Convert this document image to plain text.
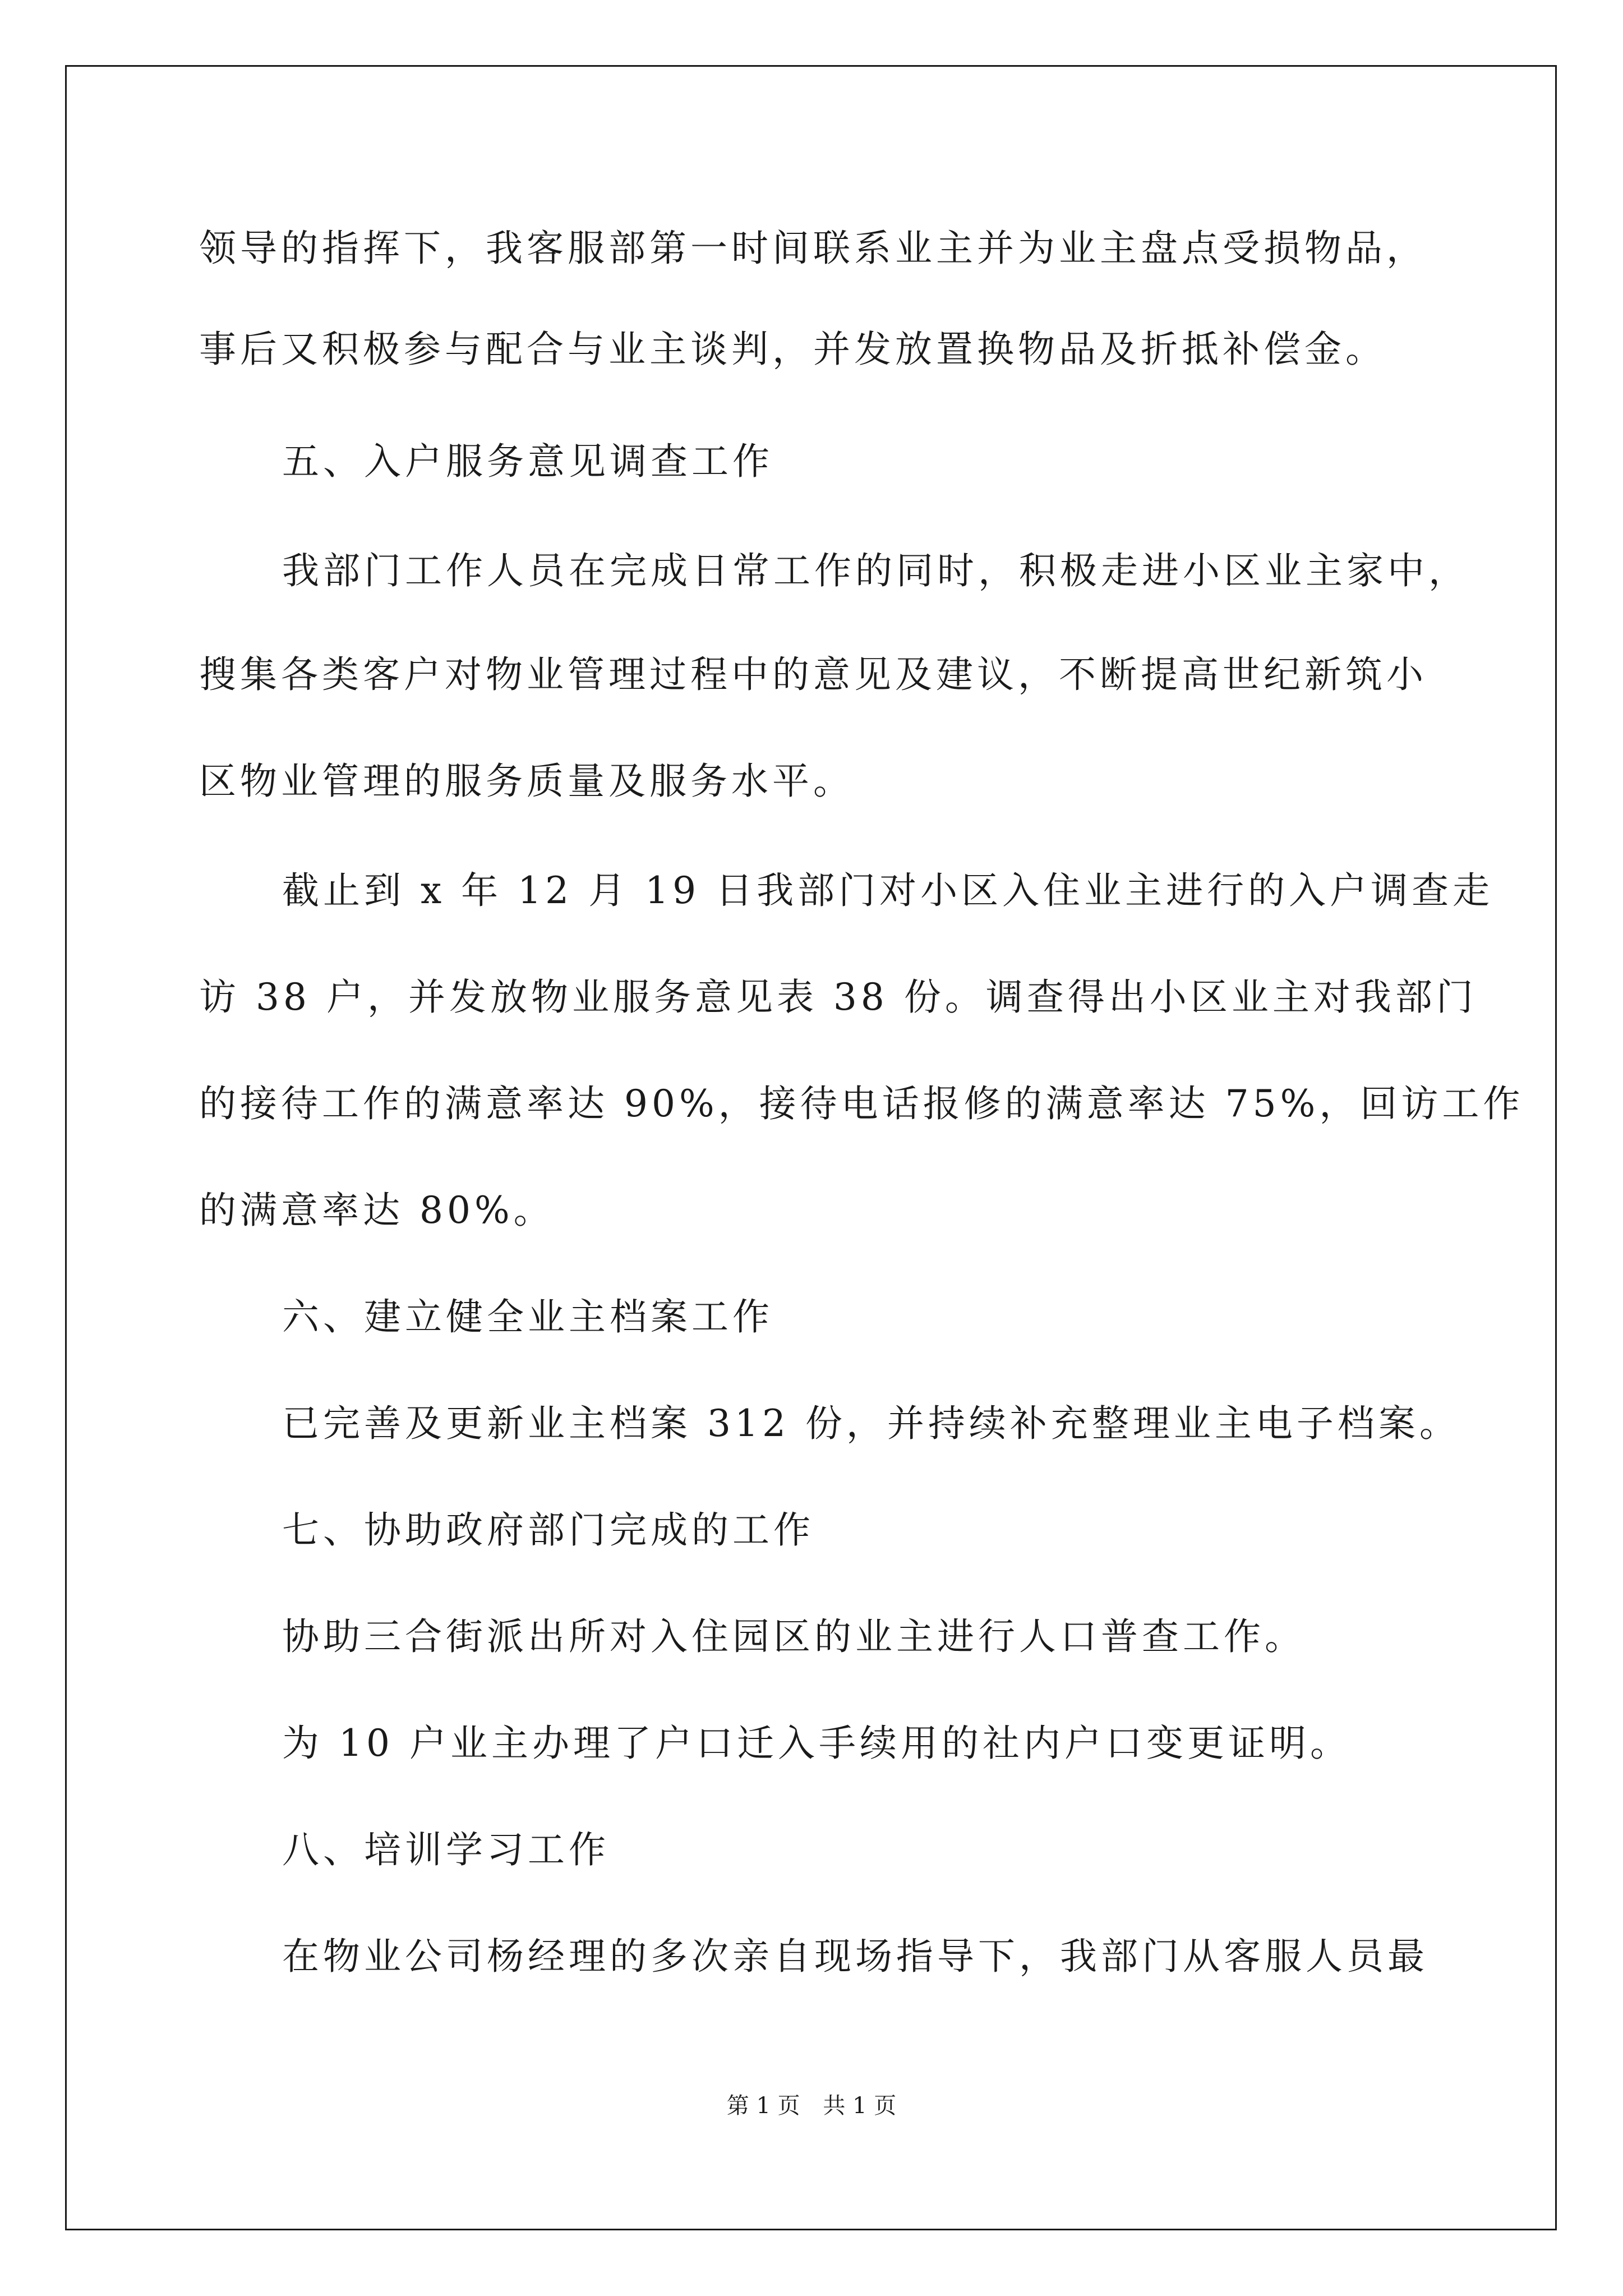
领导的指挥下，我客服部第一时间联系业主并为业主盘点受损物品，
事后又积极参与配合与业主谈判，并发放置换物品及折抵补偿金。
五、入户服务意见调查工作
我部门工作人员在完成日常工作的同时，积极走进小区业主家中，
搜集各类客户对物业管理过程中的意见及建议，不断提高世纪新筑小
区物业管理的服务质量及服务水平。
截止到 x 年 12 月 19 日我部门对小区入住业主进行的入户调查走
访 38 户，并发放物业服务意见表 38 份。调查得出小区业主对我部门
的接待工作的满意率达 90%，接待电话报修的满意率达 75%，回访工作
的满意率达 80%。
六、建立健全业主档案工作
已完善及更新业主档案 312 份，并持续补充整理业主电子档案。
七、协助政府部门完成的工作
协助三合街派出所对入住园区的业主进行人口普查工作。
为 10 户业主办理了户口迁入手续用的社内户口变更证明。
八、培训学习工作
在物业公司杨经理的多次亲自现场指导下，我部门从客服人员最
第 1 页 共 1 页
